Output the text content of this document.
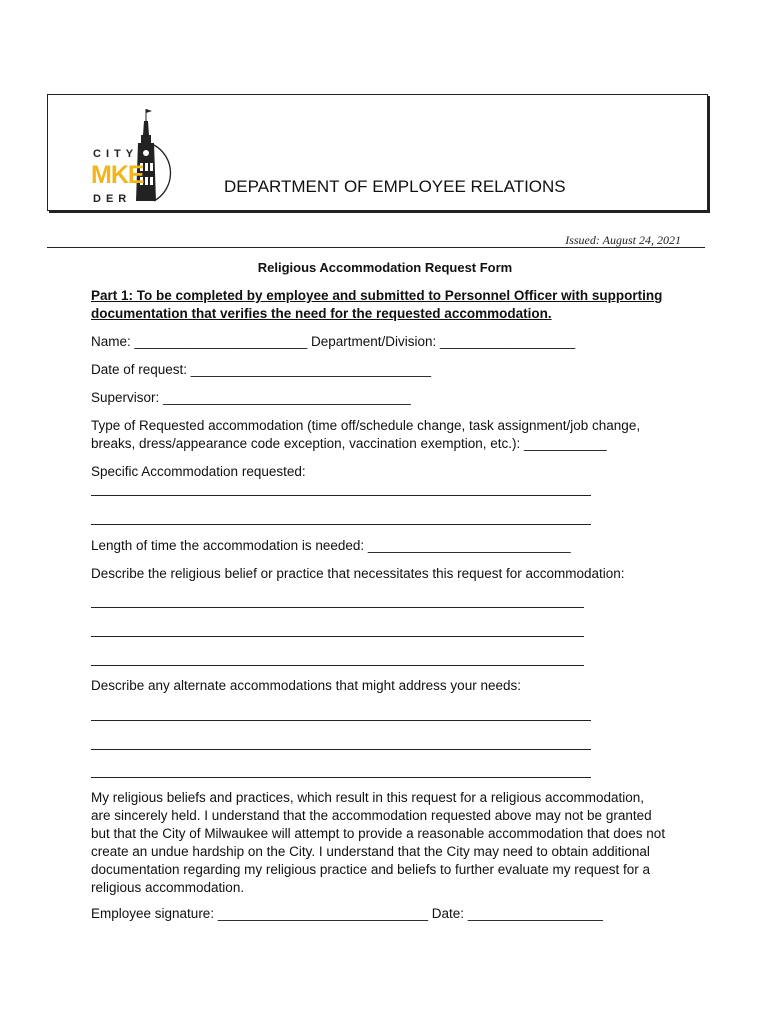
CITY
MKE
DER
DEPARTMENT OF EMPLOYEE RELATIONS
Issued: August 24, 2021
Religious Accommodation Request Form
Part 1: To be completed by employee and submitted to Personnel Officer with supporting
documentation that verifies the need for the requested accommodation.
Name: _______________________ Department/Division: __________________
Date of request: ________________________________
Supervisor: _________________________________
Type of Requested accommodation (time off/schedule change, task assignment/job change,
breaks, dress/appearance code exception, vaccination exemption, etc.): ___________
Specific Accommodation requested:
Length of time the accommodation is needed: ___________________________
Describe the religious belief or practice that necessitates this request for accommodation:
Describe any alternate accommodations that might address your needs:
My religious beliefs and practices, which result in this request for a religious accommodation,
are sincerely held. I understand that the accommodation requested above may not be granted
but that the City of Milwaukee will attempt to provide a reasonable accommodation that does not
create an undue hardship on the City. I understand that the City may need to obtain additional
documentation regarding my religious practice and beliefs to further evaluate my request for a
religious accommodation.
Employee signature: ____________________________ Date: __________________
